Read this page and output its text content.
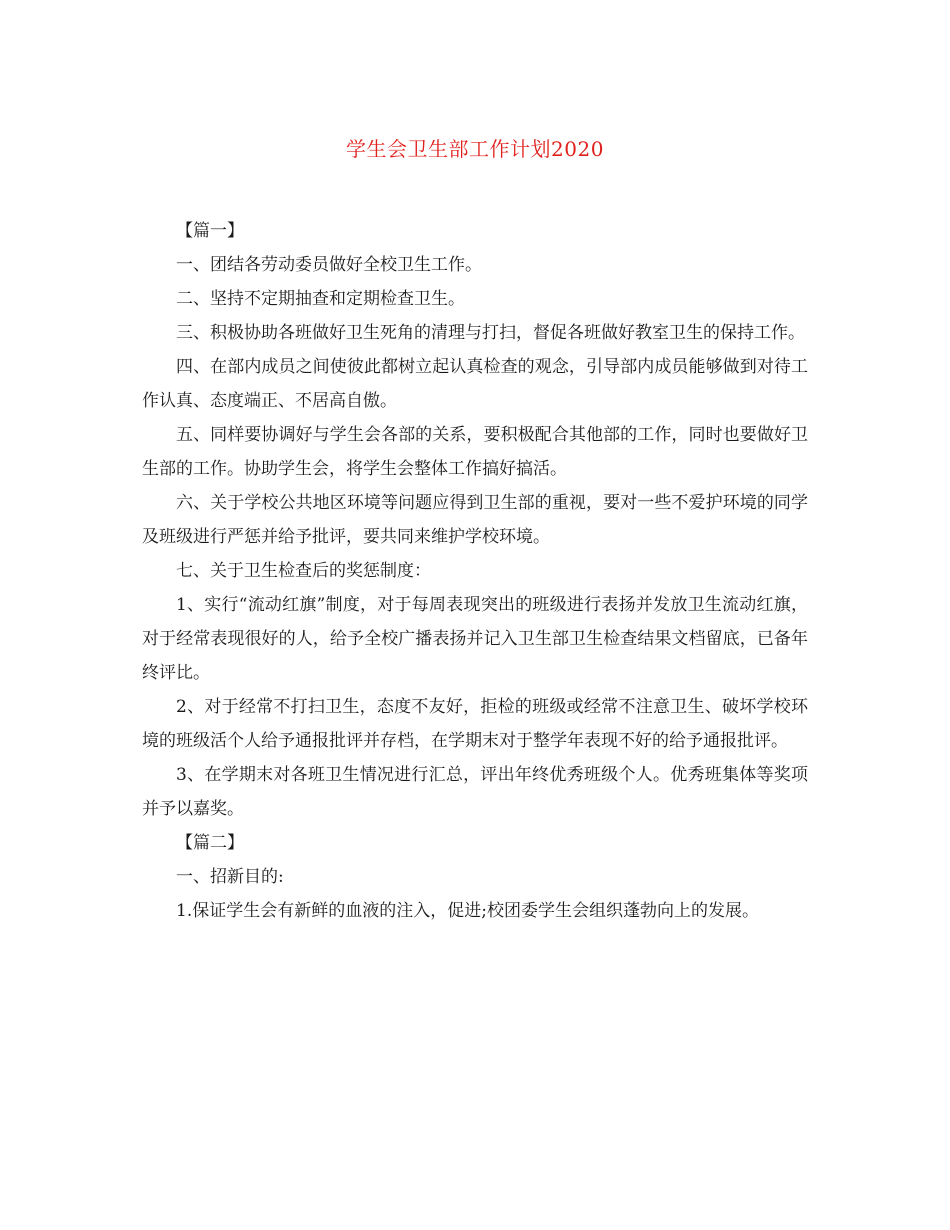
学生会卫生部工作计划2020

【篇一】

一、团结各劳动委员做好全校卫生工作。

二、坚持不定期抽查和定期检查卫生。

三、积极协助各班做好卫生死角的清理与打扫，督促各班做好教室卫生的保持工作。

四、在部内成员之间使彼此都树立起认真检查的观念，引导部内成员能够做到对待工作认真、态度端正、不居高自傲。

五、同样要协调好与学生会各部的关系，要积极配合其他部的工作，同时也要做好卫生部的工作。协助学生会，将学生会整体工作搞好搞活。

六、关于学校公共地区环境等问题应得到卫生部的重视，要对一些不爱护环境的同学及班级进行严惩并给予批评，要共同来维护学校环境。

七、关于卫生检查后的奖惩制度：

1、实行“流动红旗”制度，对于每周表现突出的班级进行表扬并发放卫生流动红旗，对于经常表现很好的人，给予全校广播表扬并记入卫生部卫生检查结果文档留底，已备年终评比。

2、对于经常不打扫卫生，态度不友好，拒检的班级或经常不注意卫生、破坏学校环境的班级活个人给予通报批评并存档，在学期末对于整学年表现不好的给予通报批评。

3、在学期末对各班卫生情况进行汇总，评出年终优秀班级个人。优秀班集体等奖项并予以嘉奖。

【篇二】

一、招新目的:

1.保证学生会有新鲜的血液的注入，促进;校团委学生会组织蓬勃向上的发展。
